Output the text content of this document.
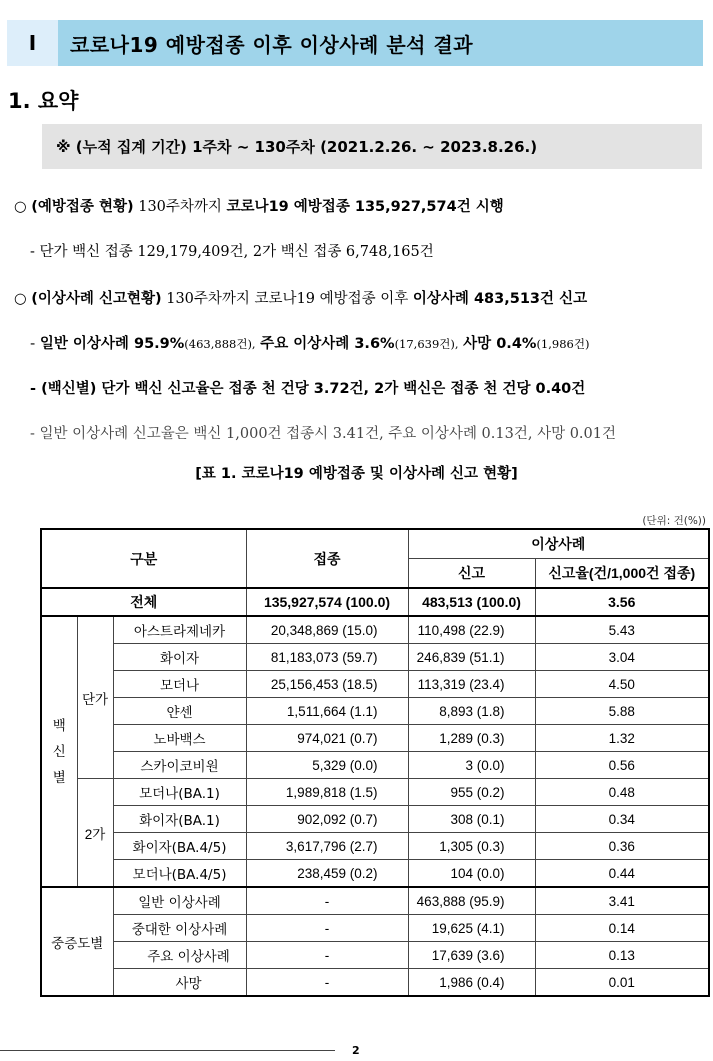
Ⅰ	코로나19 예방접종 이후 이상사례 분석 결과
1. 요약
※ (누적 집계 기간) 1주차 ∼ 130주차 (2021.2.26. ∼ 2023.8.26.)
○ (예방접종 현황) 130주차까지 코로나19 예방접종 135,927,574건 시행
- 단가 백신 접종 129,179,409건, 2가 백신 접종 6,748,165건
○ (이상사례 신고현황) 130주차까지 코로나19 예방접종 이후 이상사례 483,513건 신고
- 일반 이상사례 95.9%(463,888건), 주요 이상사례 3.6%(17,639건), 사망 0.4%(1,986건)
- (백신별) 단가 백신 신고율은 접종 천 건당 3.72건, 2가 백신은 접종 천 건당 0.40건
- 일반 이상사례 신고율은 백신 1,000건 접종시 3.41건, 주요 이상사례 0.13건, 사망 0.01건
[표 1. 코로나19 예방접종 및 이상사례 신고 현황]
(단위: 건(%))
구분			접종	이상사례	
				신고	신고율(건/1,000건 접종)
전체			135,927,574 (100.0)	483,513 (100.0)	3.56
백
신
별	단가	아스트라제네카	20,348,869 (15.0)	110,498 (22.9)	5.43
		화이자	81,183,073 (59.7)	246,839 (51.1)	3.04
		모더나	25,156,453 (18.5)	113,319 (23.4)	4.50
		얀센	1,511,664 (1.1)	8,893 (1.8)	5.88
		노바백스	974,021 (0.7)	1,289 (0.3)	1.32
		스카이코비원	5,329 (0.0)	3 (0.0)	0.56
	2가	모더나(BA.1)	1,989,818 (1.5)	955 (0.2)	0.48
		화이자(BA.1)	902,092 (0.7)	308 (0.1)	0.34
		화이자(BA.4/5)	3,617,796 (2.7)	1,305 (0.3)	0.36
		모더나(BA.4/5)	238,459 (0.2)	104 (0.0)	0.44
중증도별		일반 이상사례	-	463,888 (95.9)	3.41
		중대한 이상사례	-	19,625 (4.1)	0.14
		주요 이상사례	-	17,639 (3.6)	0.13
		사망	-	1,986 (0.4)	0.01
2
